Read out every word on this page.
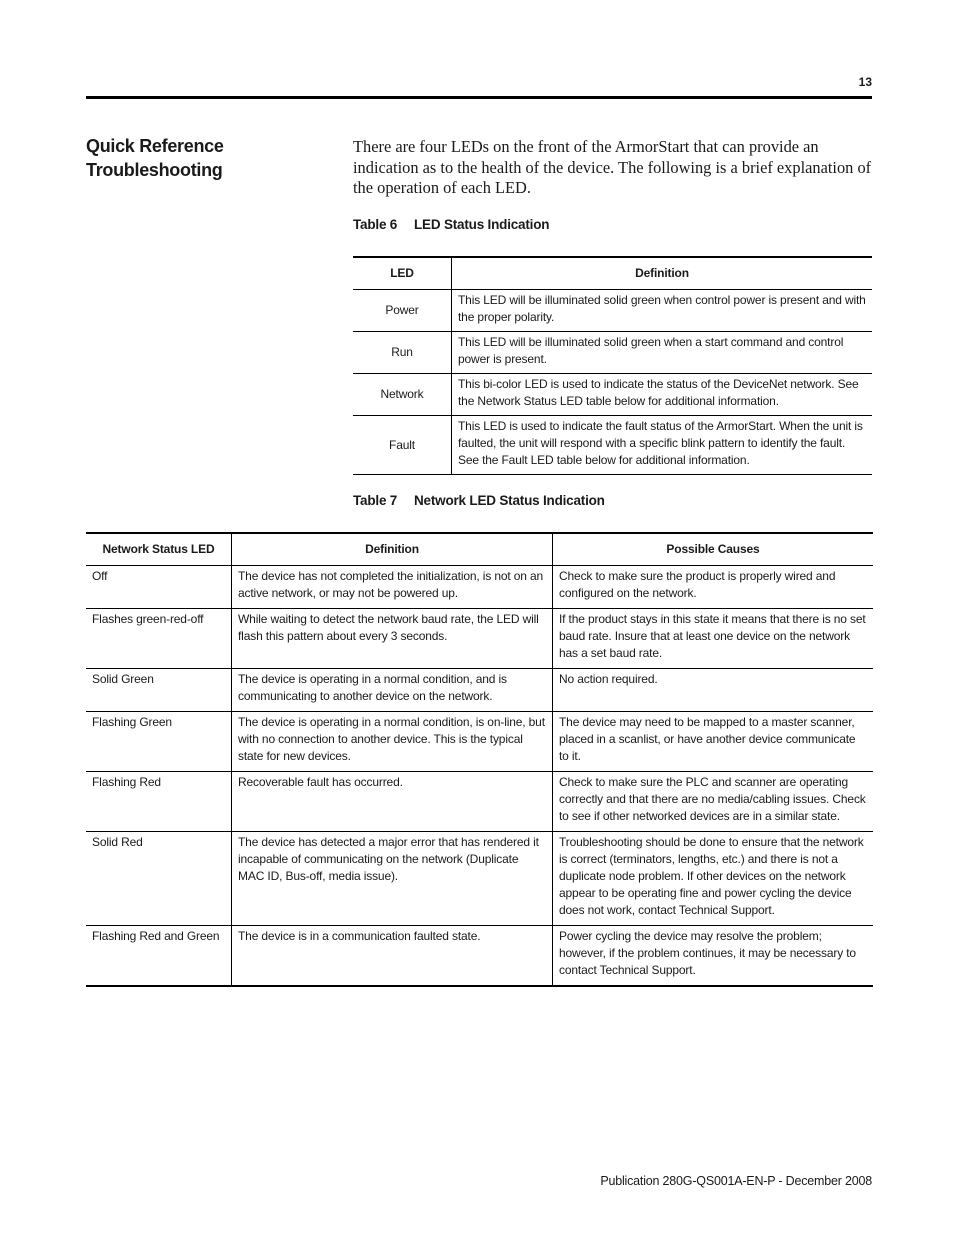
13
Quick Reference Troubleshooting
There are four LEDs on the front of the ArmorStart that can provide an indication as to the health of the device. The following is a brief explanation of the operation of each LED.
Table 6 LED Status Indication
LED	Definition
Power	This LED will be illuminated solid green when control power is present and with the proper polarity.
Run	This LED will be illuminated solid green when a start command and control power is present.
Network	This bi-color LED is used to indicate the status of the DeviceNet network. See the Network Status LED table below for additional information.
Fault	This LED is used to indicate the fault status of the ArmorStart. When the unit is faulted, the unit will respond with a specific blink pattern to identify the fault. See the Fault LED table below for additional information.
Table 7 Network LED Status Indication
Network Status LED	Definition	Possible Causes
Off	The device has not completed the initialization, is not on an active network, or may not be powered up.	Check to make sure the product is properly wired and configured on the network.
Flashes green-red-off	While waiting to detect the network baud rate, the LED will flash this pattern about every 3 seconds.	If the product stays in this state it means that there is no set baud rate. Insure that at least one device on the network has a set baud rate.
Solid Green	The device is operating in a normal condition, and is communicating to another device on the network.	No action required.
Flashing Green	The device is operating in a normal condition, is on-line, but with no connection to another device. This is the typical state for new devices.	The device may need to be mapped to a master scanner, placed in a scanlist, or have another device communicate to it.
Flashing Red	Recoverable fault has occurred.	Check to make sure the PLC and scanner are operating correctly and that there are no media/cabling issues. Check to see if other networked devices are in a similar state.
Solid Red	The device has detected a major error that has rendered it incapable of communicating on the network (Duplicate MAC ID, Bus-off, media issue).	Troubleshooting should be done to ensure that the network is correct (terminators, lengths, etc.) and there is not a duplicate node problem. If other devices on the network appear to be operating fine and power cycling the device does not work, contact Technical Support.
Flashing Red and Green	The device is in a communication faulted state.	Power cycling the device may resolve the problem; however, if the problem continues, it may be necessary to contact Technical Support.
Publication 280G-QS001A-EN-P - December 2008
